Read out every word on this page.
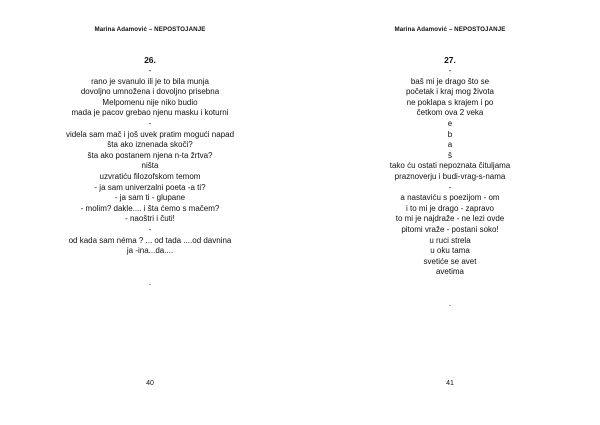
Marina Adamović – NEPOSTOJANJE
26.
-
rano je svanulo ili je to bila munja
dovoljno umnožena i dovoljno prisebna
Melpomenu nije niko budio
mada je pacov grebao njenu masku i koturni
-
videla sam mač i još uvek pratim mogući napad
šta ako iznenada skoči?
šta ako postanem njena n-ta žrtva?
ništa
uzvratiću filozofskom temom
- ja sam univerzalni poeta -a ti?
- ja sam ti - glupane
- molim? dakle.... i šta ćemo s mačem?
- naoštri i čuti!
-
od kada sam néma ? ... od tada ....od davnina
ja -ina...da....
.
40
Marina Adamović – NEPOSTOJANJE
27.
-
baš mi je drago što se
početak i kraj mog života
ne poklapa s krajem i po
četkom ova 2 veka
e
b
a
š
tako ću ostati nepoznata čituljama
praznoverju i budi-vrag-s-nama
-
a nastaviću s poezijom - om
i to mi je drago - zapravo
to mi je najdraže - ne lezi ovde
pitomi vraže - postani soko!
u ruci strela
u oku tama
svetiće se avet
avetima
.
41
